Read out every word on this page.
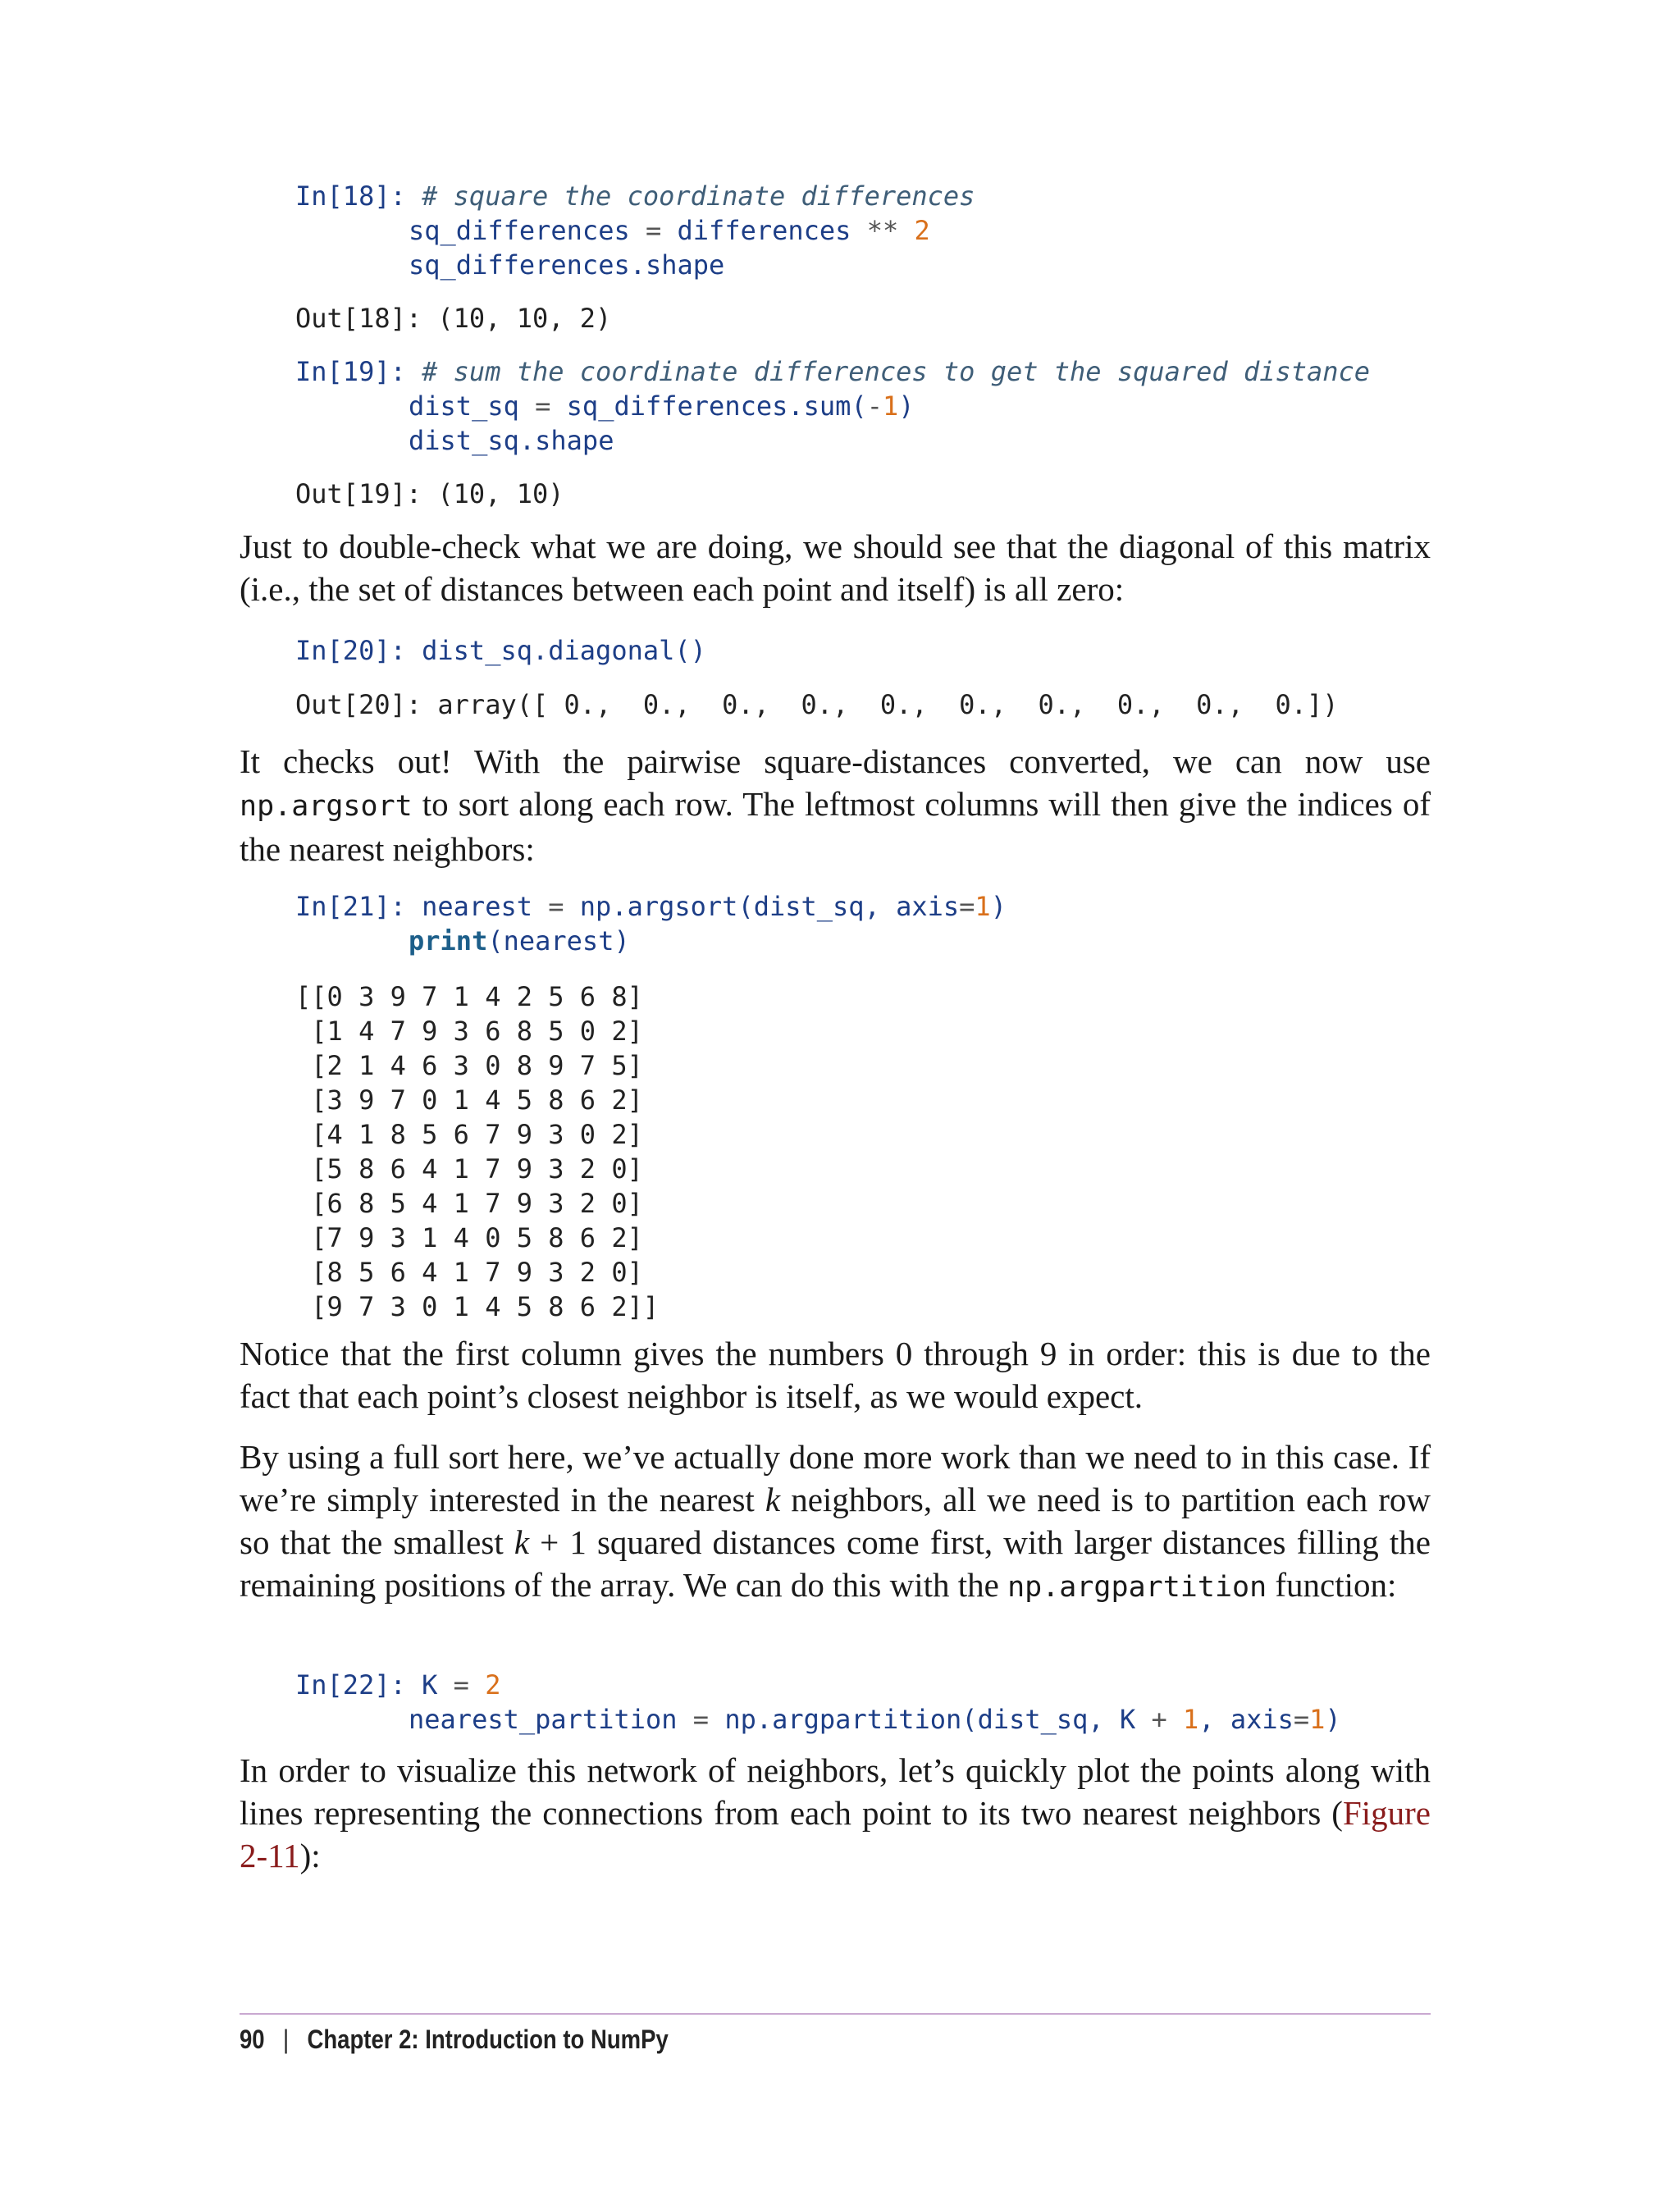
In[18]: # square the coordinate differences
sq_differences = differences ** 2
sq_differences.shape
Out[18]: (10, 10, 2)
In[19]: # sum the coordinate differences to get the squared distance
dist_sq = sq_differences.sum(-1)
dist_sq.shape
Out[19]: (10, 10)
Just to double-check what we are doing, we should see that the diagonal of this matrix (i.e., the set of distances between each point and itself) is all zero:
In[20]: dist_sq.diagonal()
Out[20]: array([ 0.,  0.,  0.,  0.,  0.,  0.,  0.,  0.,  0.,  0.])
It checks out! With the pairwise square-distances converted, we can now use np.argsort to sort along each row. The leftmost columns will then give the indices of the nearest neighbors:
In[21]: nearest = np.argsort(dist_sq, axis=1)
print(nearest)
[[0 3 9 7 1 4 2 5 6 8]
[1 4 7 9 3 6 8 5 0 2]
[2 1 4 6 3 0 8 9 7 5]
[3 9 7 0 1 4 5 8 6 2]
[4 1 8 5 6 7 9 3 0 2]
[5 8 6 4 1 7 9 3 2 0]
[6 8 5 4 1 7 9 3 2 0]
[7 9 3 1 4 0 5 8 6 2]
[8 5 6 4 1 7 9 3 2 0]
[9 7 3 0 1 4 5 8 6 2]]
Notice that the first column gives the numbers 0 through 9 in order: this is due to the fact that each point’s closest neighbor is itself, as we would expect.
By using a full sort here, we’ve actually done more work than we need to in this case. If we’re simply interested in the nearest k neighbors, all we need is to partition each row so that the smallest k + 1 squared distances come first, with larger distances filling the remaining positions of the array. We can do this with the np.argpartition function:
In[22]: K = 2
nearest_partition = np.argpartition(dist_sq, K + 1, axis=1)
In order to visualize this network of neighbors, let’s quickly plot the points along with lines representing the connections from each point to its two nearest neighbors (Figure 2-11):
90 | Chapter 2: Introduction to NumPy
